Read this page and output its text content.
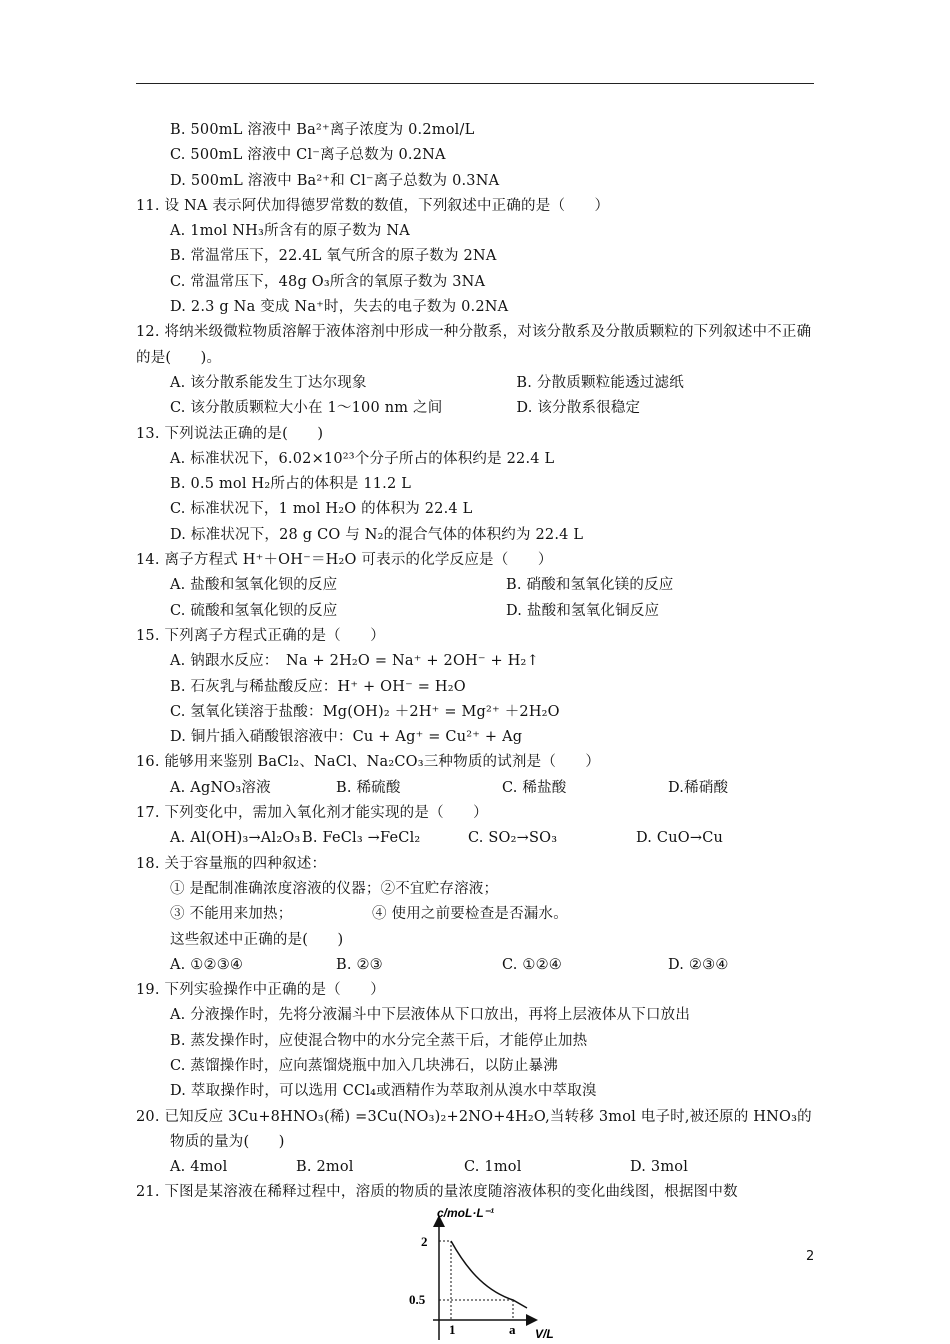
B. 500mL 溶液中 Ba²⁺离子浓度为 0.2mol/L
C. 500mL 溶液中 Cl⁻离子总数为 0.2NA
D. 500mL 溶液中 Ba²⁺和 Cl⁻离子总数为 0.3NA
11. 设 NA 表示阿伏加得德罗常数的数值，下列叙述中正确的是（　　）
A. 1mol NH₃所含有的原子数为 NA
B. 常温常压下，22.4L 氧气所含的原子数为 2NA
C. 常温常压下，48g O₃所含的氧原子数为 3NA
D. 2.3 g Na 变成 Na⁺时，失去的电子数为 0.2NA
12. 将纳米级微粒物质溶解于液体溶剂中形成一种分散系，对该分散系及分散质颗粒的下列叙述中不正确的是(　　)。
A. 该分散系能发生丁达尔现象	B. 分散质颗粒能透过滤纸
C. 该分散质颗粒大小在 1～100 nm 之间	D. 该分散系很稳定
13. 下列说法正确的是(　　)
A. 标准状况下，6.02×10²³个分子所占的体积约是 22.4 L
B. 0.5 mol H₂所占的体积是 11.2 L
C. 标准状况下，1 mol H₂O 的体积为 22.4 L
D. 标准状况下，28 g CO 与 N₂的混合气体的体积约为 22.4 L
14. 离子方程式 H⁺＋OH⁻＝H₂O 可表示的化学反应是（　　）
A. 盐酸和氢氧化钡的反应	B. 硝酸和氢氧化镁的反应
C. 硫酸和氢氧化钡的反应	D. 盐酸和氢氧化铜反应
15. 下列离子方程式正确的是（　　）
A. 钠跟水反应：　Na + 2H₂O = Na⁺ + 2OH⁻ + H₂↑
B. 石灰乳与稀盐酸反应：H⁺ + OH⁻ = H₂O
C. 氢氧化镁溶于盐酸：Mg(OH)₂ ＋2H⁺ = Mg²⁺ ＋2H₂O
D. 铜片插入硝酸银溶液中：Cu + Ag⁺ = Cu²⁺ + Ag
16. 能够用来鉴别 BaCl₂、NaCl、Na₂CO₃三种物质的试剂是（　　）
A. AgNO₃溶液	B. 稀硫酸	C. 稀盐酸	D.稀硝酸
17. 下列变化中，需加入氧化剂才能实现的是（　　）
A. Al(OH)₃→Al₂O₃ B. FeCl₃ →FeCl₂	C. SO₂→SO₃	D. CuO→Cu
18. 关于容量瓶的四种叙述：
① 是配制准确浓度溶液的仪器；②不宜贮存溶液；
③ 不能用来加热；	④ 使用之前要检查是否漏水。
这些叙述中正确的是(　　)
A. ①②③④	B. ②③	C. ①②④	D. ②③④
19. 下列实验操作中正确的是（　　）
A. 分液操作时，先将分液漏斗中下层液体从下口放出，再将上层液体从下口放出
B. 蒸发操作时，应使混合物中的水分完全蒸干后，才能停止加热
C. 蒸馏操作时，应向蒸馏烧瓶中加入几块沸石，以防止暴沸
D. 萃取操作时，可以选用 CCl₄或酒精作为萃取剂从溴水中萃取溴
20. 已知反应 3Cu+8HNO₃(稀) =3Cu(NO₃)₂+2NO+4H₂O,当转移 3mol 电子时,被还原的 HNO₃的
物质的量为(　　)
A. 4mol	B. 2mol	C. 1mol	D. 3mol
21. 下图是某溶液在稀释过程中，溶质的物质的量浓度随溶液体积的变化曲线图，根据图中数
2
c/moL·L⁻¹
V/L
2
0.5
1	a
